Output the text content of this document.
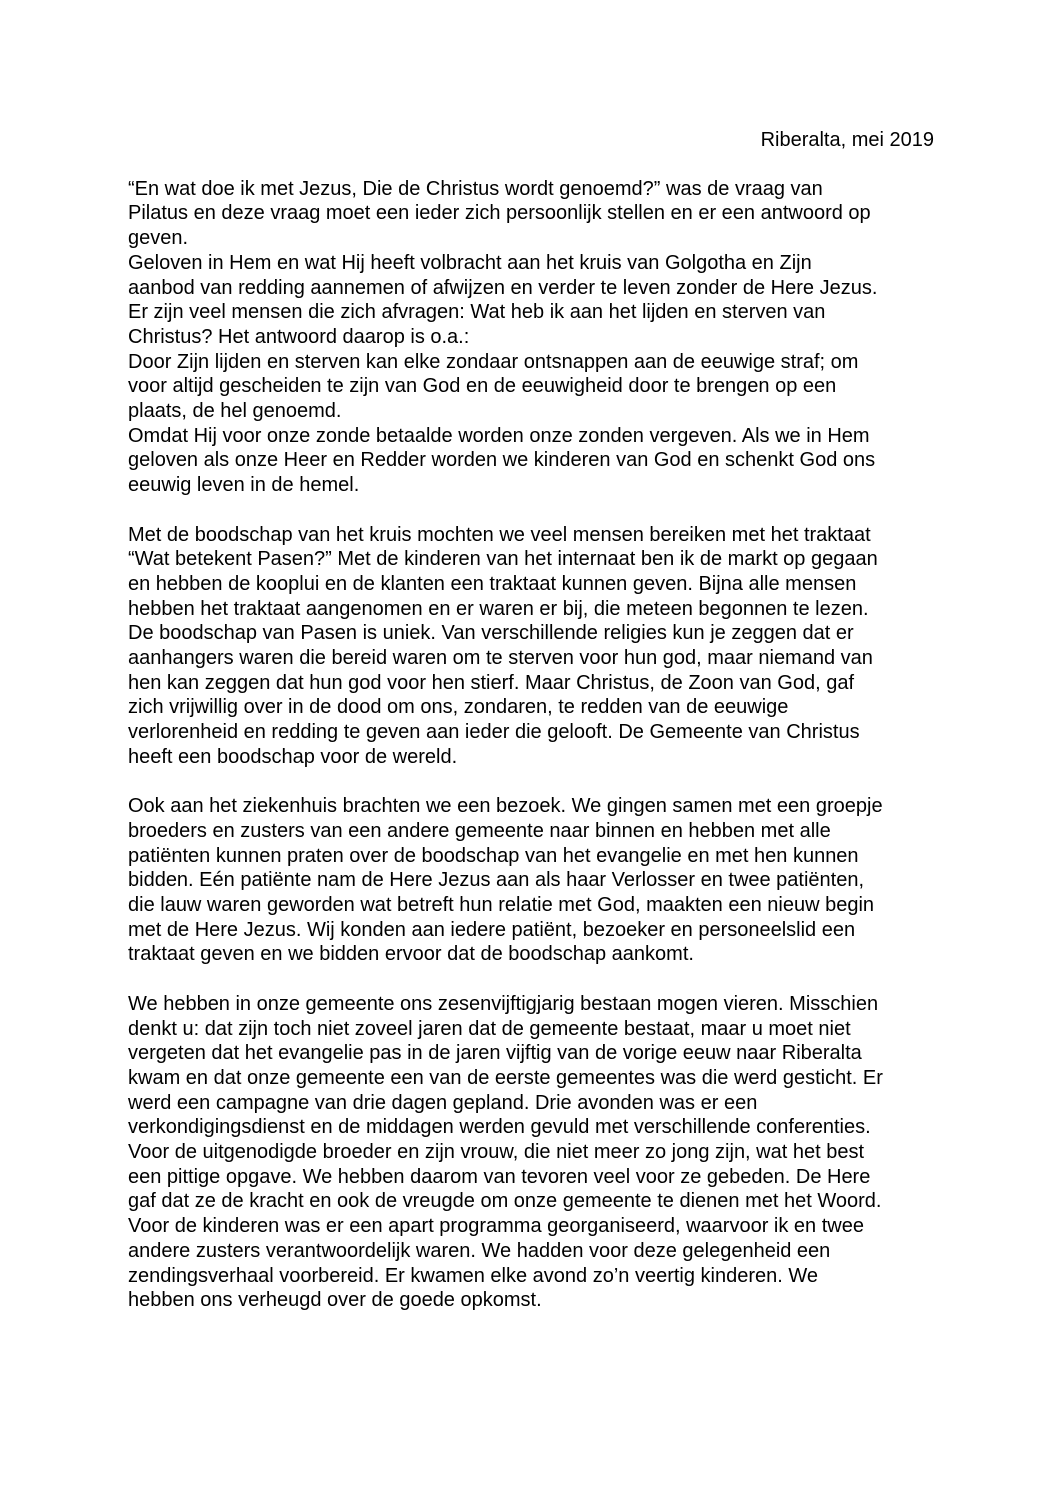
Riberalta, mei 2019
“En wat doe ik met Jezus, Die de Christus wordt genoemd?” was de vraag van
Pilatus en deze vraag moet een ieder zich persoonlijk stellen en er een antwoord op
geven.
Geloven in Hem en wat Hij heeft volbracht aan het kruis van Golgotha en Zijn
aanbod van redding aannemen of afwijzen en verder te leven zonder de Here Jezus.
Er zijn veel mensen die zich afvragen: Wat heb ik aan het lijden en sterven van
Christus? Het antwoord daarop is o.a.:
Door Zijn lijden en sterven kan elke zondaar ontsnappen aan de eeuwige straf; om
voor altijd gescheiden te zijn van God en de eeuwigheid door te brengen op een
plaats, de hel genoemd.
Omdat Hij voor onze zonde betaalde worden onze zonden vergeven. Als we in Hem
geloven als onze Heer en Redder worden we kinderen van God en schenkt God ons
eeuwig leven in de hemel.
Met de boodschap van het kruis mochten we veel mensen bereiken met het traktaat
“Wat betekent Pasen?” Met de kinderen van het internaat ben ik de markt op gegaan
en hebben de kooplui en de klanten een traktaat kunnen geven. Bijna alle mensen
hebben het traktaat aangenomen en er waren er bij, die meteen begonnen te lezen.
De boodschap van Pasen is uniek. Van verschillende religies kun je zeggen dat er
aanhangers waren die bereid waren om te sterven voor hun god, maar niemand van
hen kan zeggen dat hun god voor hen stierf. Maar Christus, de Zoon van God, gaf
zich vrijwillig over in de dood om ons, zondaren, te redden van de eeuwige
verlorenheid en redding te geven aan ieder die gelooft. De Gemeente van Christus
heeft een boodschap voor de wereld.
Ook aan het ziekenhuis brachten we een bezoek. We gingen samen met een groepje
broeders en zusters van een andere gemeente naar binnen en hebben met alle
patiënten kunnen praten over de boodschap van het evangelie en met hen kunnen
bidden. Eén patiënte nam de Here Jezus aan als haar Verlosser en twee patiënten,
die lauw waren geworden wat betreft hun relatie met God, maakten een nieuw begin
met de Here Jezus. Wij konden aan iedere patiënt, bezoeker en personeelslid een
traktaat geven en we bidden ervoor dat de boodschap aankomt.
We hebben in onze gemeente ons zesenvijftigjarig bestaan mogen vieren. Misschien
denkt u: dat zijn toch niet zoveel jaren dat de gemeente bestaat, maar u moet niet
vergeten dat het evangelie pas in de jaren vijftig van de vorige eeuw naar Riberalta
kwam en dat onze gemeente een van de eerste gemeentes was die werd gesticht. Er
werd een campagne van drie dagen gepland. Drie avonden was er een
verkondigingsdienst en de middagen werden gevuld met verschillende conferenties.
Voor de uitgenodigde broeder en zijn vrouw, die niet meer zo jong zijn, wat het best
een pittige opgave. We hebben daarom van tevoren veel voor ze gebeden. De Here
gaf dat ze de kracht en ook de vreugde om onze gemeente te dienen met het Woord.
Voor de kinderen was er een apart programma georganiseerd, waarvoor ik en twee
andere zusters verantwoordelijk waren. We hadden voor deze gelegenheid een
zendingsverhaal voorbereid. Er kwamen elke avond zo’n veertig kinderen. We
hebben ons verheugd over de goede opkomst.
